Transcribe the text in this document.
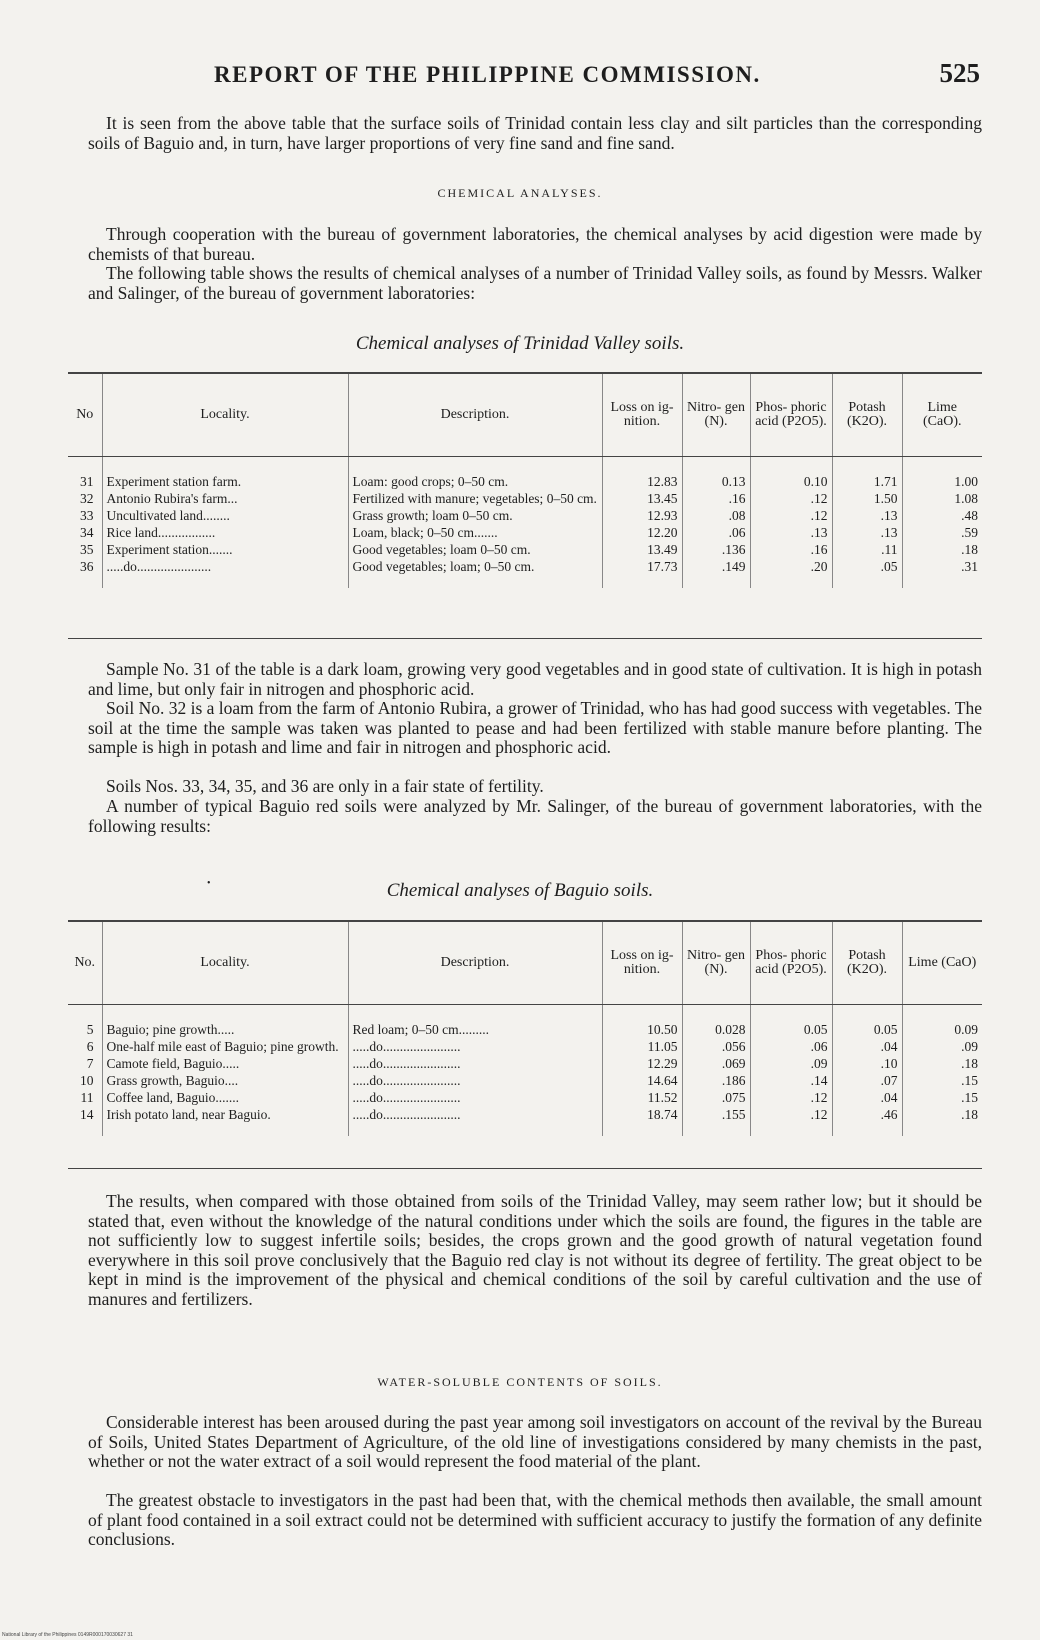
REPORT OF THE PHILIPPINE COMMISSION.	525

It is seen from the above table that the surface soils of Trinidad contain less clay and silt particles than the corresponding soils of Baguio and, in turn, have larger proportions of very fine sand and fine sand.

CHEMICAL ANALYSES.

Through cooperation with the bureau of government laboratories, the chemical analyses by acid digestion were made by chemists of that bureau.

The following table shows the results of chemical analyses of a number of Trinidad Valley soils, as found by Messrs. Walker and Salinger, of the bureau of government laboratories:

Chemical analyses of Trinidad Valley soils.
No	Locality.	Description.	Loss on ig- nition.	Nitro- gen (N).	Phos- phoric acid (P2O5).	Potash (K2O).	Lime (CaO).
31	Experiment station farm.	Loam: good crops; 0–50 cm.	12.83	0.13	0.10	1.71	1.00
32	Antonio Rubira's farm...	Fertilized with manure; vegetables; 0–50 cm.	13.45	.16	.12	1.50	1.08
33	Uncultivated land........	Grass growth; loam 0–50 cm.	12.93	.08	.12	.13	.48
34	Rice land.................	Loam, black; 0–50 cm.......	12.20	.06	.13	.13	.59
35	Experiment station.......	Good vegetables; loam 0–50 cm.	13.49	.136	.16	.11	.18
36	.....do......................	Good vegetables; loam; 0–50 cm.	17.73	.149	.20	.05	.31

Sample No. 31 of the table is a dark loam, growing very good vegetables and in good state of cultivation. It is high in potash and lime, but only fair in nitrogen and phosphoric acid.

Soil No. 32 is a loam from the farm of Antonio Rubira, a grower of Trinidad, who has had good success with vegetables. The soil at the time the sample was taken was planted to pease and had been fertilized with stable manure before planting. The sample is high in potash and lime and fair in nitrogen and phosphoric acid.

Soils Nos. 33, 34, 35, and 36 are only in a fair state of fertility.

A number of typical Baguio red soils were analyzed by Mr. Salinger, of the bureau of government laboratories, with the following results:

•	Chemical analyses of Baguio soils.
No.	Locality.	Description.	Loss on ig- nition.	Nitro- gen (N).	Phos- phoric acid (P2O5).	Potash (K2O).	Lime (CaO)
5	Baguio; pine growth.....	Red loam; 0–50 cm.........	10.50	0.028	0.05	0.05	0.09
6	One-half mile east of Baguio; pine growth.	.....do.......................	11.05	.056	.06	.04	.09
7	Camote field, Baguio.....	.....do.......................	12.29	.069	.09	.10	.18
10	Grass growth, Baguio....	.....do.......................	14.64	.186	.14	.07	.15
11	Coffee land, Baguio.......	.....do.......................	11.52	.075	.12	.04	.15
14	Irish potato land, near Baguio.	.....do.......................	18.74	.155	.12	.46	.18

The results, when compared with those obtained from soils of the Trinidad Valley, may seem rather low; but it should be stated that, even without the knowledge of the natural conditions under which the soils are found, the figures in the table are not sufficiently low to suggest infertile soils; besides, the crops grown and the good growth of natural vegetation found everywhere in this soil prove conclusively that the Baguio red clay is not without its degree of fertility. The great object to be kept in mind is the improvement of the physical and chemical conditions of the soil by careful cultivation and the use of manures and fertilizers.

WATER-SOLUBLE CONTENTS OF SOILS.

Considerable interest has been aroused during the past year among soil investigators on account of the revival by the Bureau of Soils, United States Department of Agriculture, of the old line of investigations considered by many chemists in the past, whether or not the water extract of a soil would represent the food material of the plant.

The greatest obstacle to investigators in the past had been that, with the chemical methods then available, the small amount of plant food contained in a soil extract could not be determined with sufficient accuracy to justify the formation of any definite conclusions.

National Library of the Philippines 0149R000170030627 31
